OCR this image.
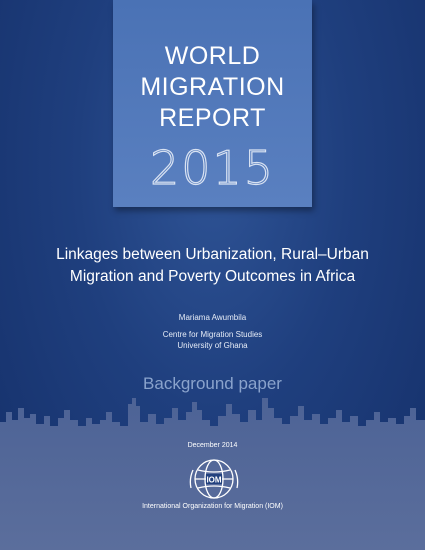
WORLD
MIGRATION
REPORT
2015
Linkages between Urbanization, Rural–Urban
Migration and Poverty Outcomes in Africa
Mariama Awumbila
Centre for Migration Studies
University of Ghana
Background paper
December 2014
IOM
International Organization for Migration (IOM)
